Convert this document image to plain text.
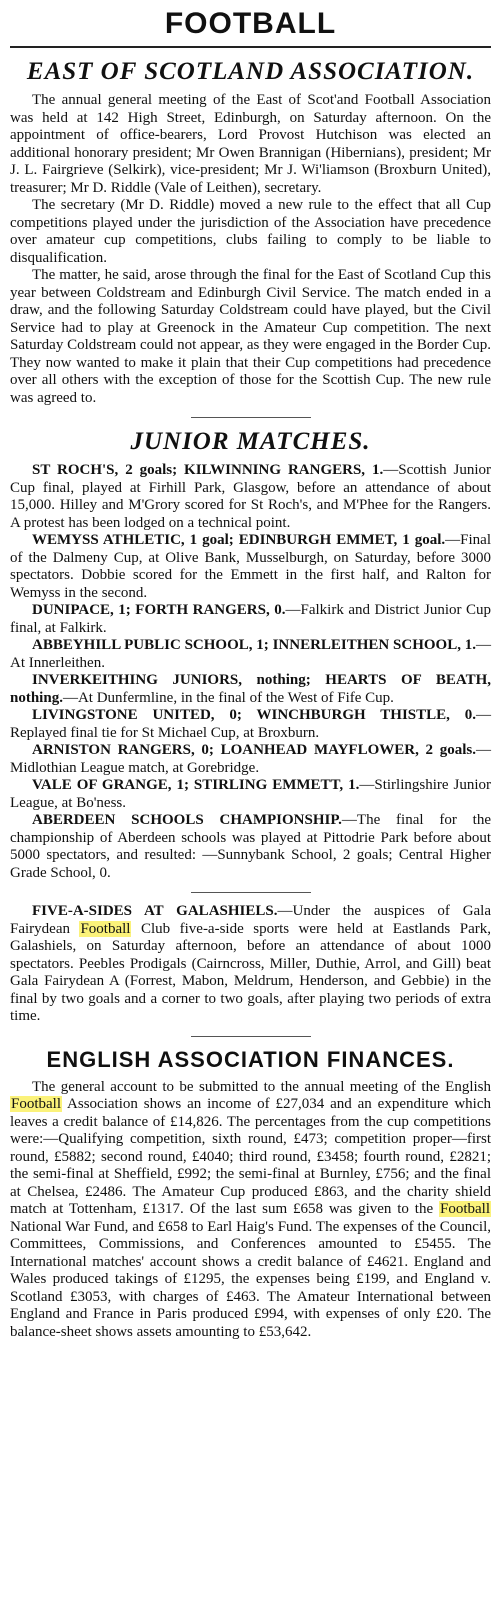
FOOTBALL
EAST OF SCOTLAND ASSOCIATION.

The annual general meeting of the East of Scot'and Football Association was held at 142 High Street, Edinburgh, on Saturday afternoon. On the appointment of office-bearers, Lord Provost Hutchison was elected an additional honorary president; Mr Owen Brannigan (Hibernians), president; Mr J. L. Fairgrieve (Selkirk), vice-president; Mr J. Wi'liamson (Broxburn United), treasurer; Mr D. Riddle (Vale of Leithen), secretary.

The secretary (Mr D. Riddle) moved a new rule to the effect that all Cup competitions played under the jurisdiction of the Association have precedence over amateur cup competitions, clubs failing to comply to be liable to disqualification.

The matter, he said, arose through the final for the East of Scotland Cup this year between Coldstream and Edinburgh Civil Service. The match ended in a draw, and the following Saturday Coldstream could have played, but the Civil Service had to play at Greenock in the Amateur Cup competition. The next Saturday Coldstream could not appear, as they were engaged in the Border Cup. They now wanted to make it plain that their Cup competitions had precedence over all others with the exception of those for the Scottish Cup. The new rule was agreed to.

JUNIOR MATCHES.

ST ROCH'S, 2 goals; KILWINNING RANGERS, 1.—Scottish Junior Cup final, played at Firhill Park, Glasgow, before an attendance of about 15,000. Hilley and M'Grory scored for St Roch's, and M'Phee for the Rangers. A protest has been lodged on a technical point.

WEMYSS ATHLETIC, 1 goal; EDINBURGH EMMET, 1 goal.—Final of the Dalmeny Cup, at Olive Bank, Musselburgh, on Saturday, before 3000 spectators. Dobbie scored for the Emmett in the first half, and Ralton for Wemyss in the second.

DUNIPACE, 1; FORTH RANGERS, 0.—Falkirk and District Junior Cup final, at Falkirk.

ABBEYHILL PUBLIC SCHOOL, 1; INNERLEITHEN SCHOOL, 1.—At Innerleithen.

INVERKEITHING JUNIORS, nothing; HEARTS OF BEATH, nothing.—At Dunfermline, in the final of the West of Fife Cup.

LIVINGSTONE UNITED, 0; WINCHBURGH THISTLE, 0.—Replayed final tie for St Michael Cup, at Broxburn.

ARNISTON RANGERS, 0; LOANHEAD MAYFLOWER, 2 goals.—Midlothian League match, at Gorebridge.

VALE OF GRANGE, 1; STIRLING EMMETT, 1.—Stirlingshire Junior League, at Bo'ness.

ABERDEEN SCHOOLS CHAMPIONSHIP.—The final for the championship of Aberdeen schools was played at Pittodrie Park before about 5000 spectators, and resulted: —Sunnybank School, 2 goals; Central Higher Grade School, 0.

FIVE-A-SIDES AT GALASHIELS.—Under the auspices of Gala Fairydean Football Club five-a-side sports were held at Eastlands Park, Galashiels, on Saturday afternoon, before an attendance of about 1000 spectators. Peebles Prodigals (Cairncross, Miller, Duthie, Arrol, and Gill) beat Gala Fairydean A (Forrest, Mabon, Meldrum, Henderson, and Gebbie) in the final by two goals and a corner to two goals, after playing two periods of extra time.

ENGLISH ASSOCIATION FINANCES.

The general account to be submitted to the annual meeting of the English Football Association shows an income of £27,034 and an expenditure which leaves a credit balance of £14,826. The percentages from the cup competitions were:—Qualifying competition, sixth round, £473; competition proper—first round, £5882; second round, £4040; third round, £3458; fourth round, £2821; the semi-final at Sheffield, £992; the semi-final at Burnley, £756; and the final at Chelsea, £2486. The Amateur Cup produced £863, and the charity shield match at Tottenham, £1317. Of the last sum £658 was given to the Football National War Fund, and £658 to Earl Haig's Fund. The expenses of the Council, Committees, Commissions, and Conferences amounted to £5455. The International matches' account shows a credit balance of £4621. England and Wales produced takings of £1295, the expenses being £199, and England v. Scotland £3053, with charges of £463. The Amateur International between England and France in Paris produced £994, with expenses of only £20. The balance-sheet shows assets amounting to £53,642.
